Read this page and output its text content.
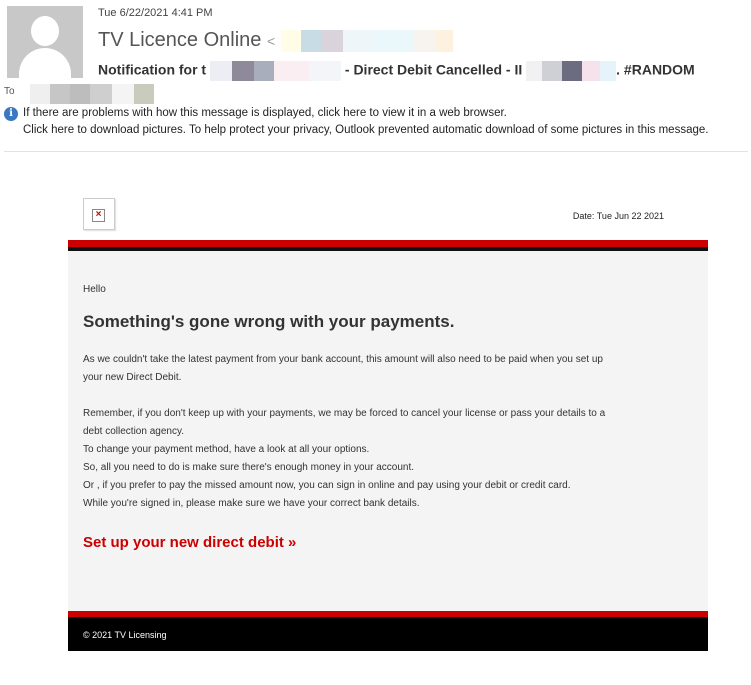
Tue 6/22/2021 4:41 PM
TV Licence Online <
Notification for t	- Direct Debit Cancelled - II	. #RANDOM
To
i If there are problems with how this message is displayed, click here to view it in a web browser.
Click here to download pictures. To help protect your privacy, Outlook prevented automatic download of some pictures in this message.
×	Date: Tue Jun 22 2021
Hello
Something's gone wrong with your payments.
As we couldn't take the latest payment from your bank account, this amount will also need to be paid when you set up
your new Direct Debit.
Remember, if you don't keep up with your payments, we may be forced to cancel your license or pass your details to a
debt collection agency.
To change your payment method, have a look at all your options.
So, all you need to do is make sure there's enough money in your account.
Or , if you prefer to pay the missed amount now, you can sign in online and pay using your debit or credit card.
While you're signed in, please make sure we have your correct bank details.
Set up your new direct debit »
© 2021 TV Licensing
